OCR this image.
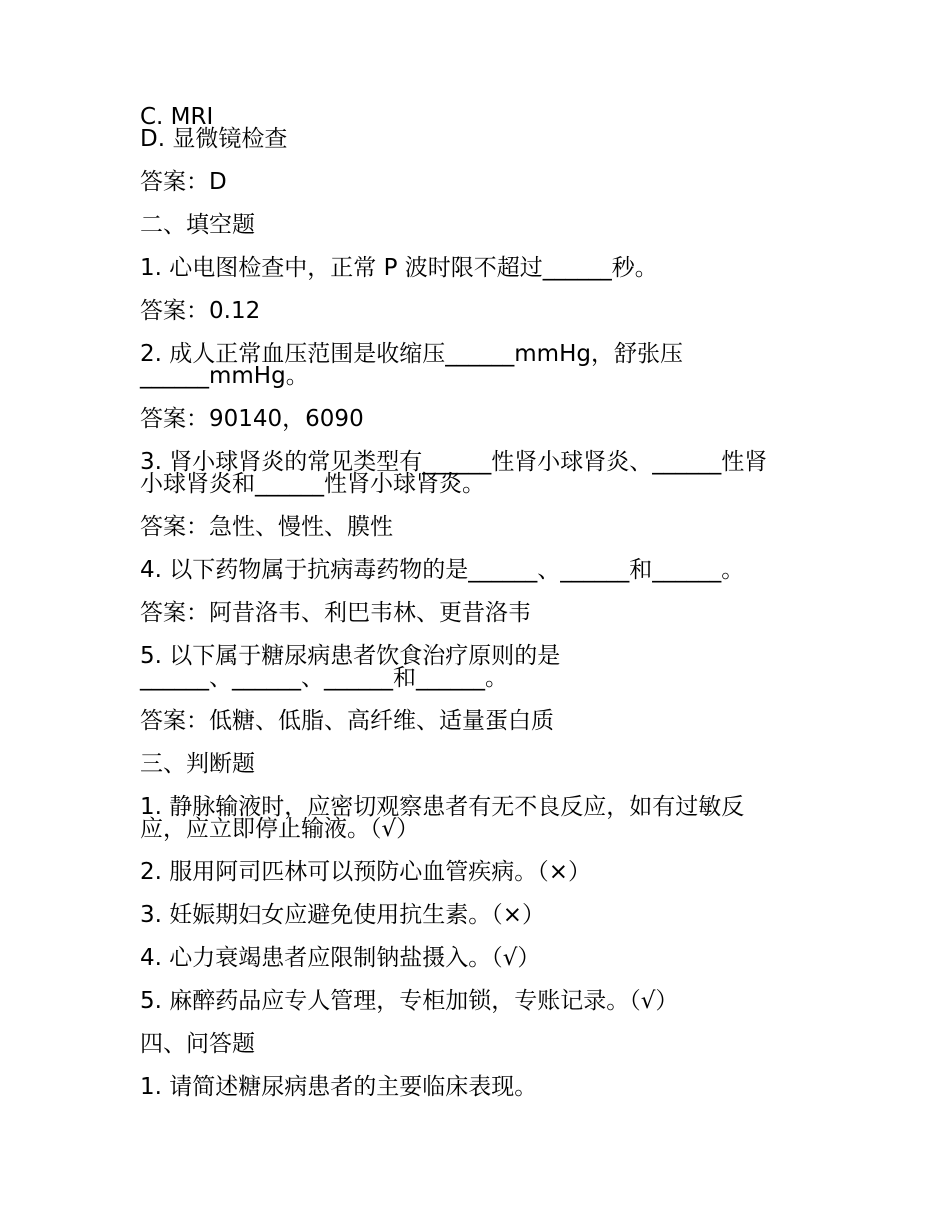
C. MRI
D. 显微镜检查
答案：D
二、填空题
1. 心电图检查中，正常 P 波时限不超过______秒。
答案：0.12
2. 成人正常血压范围是收缩压______mmHg，舒张压
______mmHg。
答案：90140，6090
3. 肾小球肾炎的常见类型有______性肾小球肾炎、______性肾
小球肾炎和______性肾小球肾炎。
答案：急性、慢性、膜性
4. 以下药物属于抗病毒药物的是______、______和______。
答案：阿昔洛韦、利巴韦林、更昔洛韦
5. 以下属于糖尿病患者饮食治疗原则的是
______、______、______和______。
答案：低糖、低脂、高纤维、适量蛋白质
三、判断题
1. 静脉输液时，应密切观察患者有无不良反应，如有过敏反
应，应立即停止输液。（√）
2. 服用阿司匹林可以预防心血管疾病。（×）
3. 妊娠期妇女应避免使用抗生素。（×）
4. 心力衰竭患者应限制钠盐摄入。（√）
5. 麻醉药品应专人管理，专柜加锁，专账记录。（√）
四、问答题
1. 请简述糖尿病患者的主要临床表现。
